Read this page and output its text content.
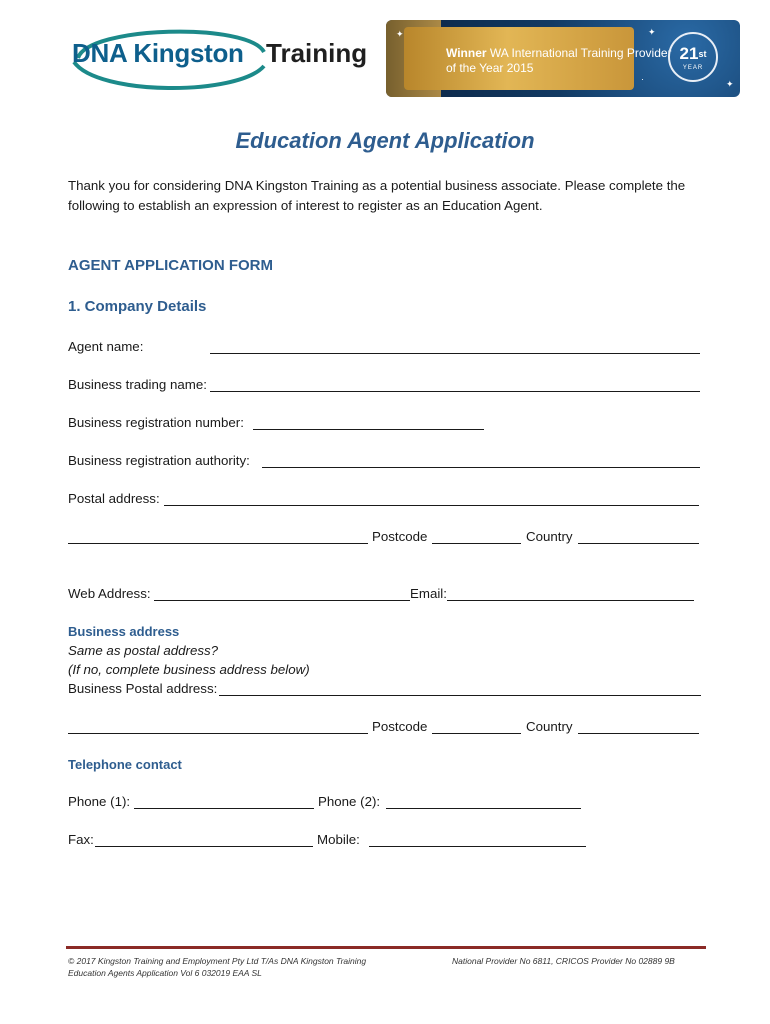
DNA Kingston Training	Winner WA International Training Provider
of the Year 2015
21st
YEAR
✦	✦
✦
·
Education Agent Application
Thank you for considering DNA Kingston Training as a potential business associate. Please complete the following to establish an expression of interest to register as an Education Agent.
AGENT APPLICATION FORM
1. Company Details
Agent name:
Business trading name:
Business registration number:
Business registration authority:
Postal address:
Postcode	Country
Web Address:	Email:
Business address
Same as postal address?
(If no, complete business address below)
Business Postal address:
Postcode	Country
Telephone contact
Phone (1):	Phone (2):
Fax:	Mobile:
© 2017 Kingston Training and Employment Pty Ltd T/As DNA Kingston Training
Education Agents Application Vol 6 032019 EAA SL
National Provider No 6811, CRICOS Provider No 02889 9B
